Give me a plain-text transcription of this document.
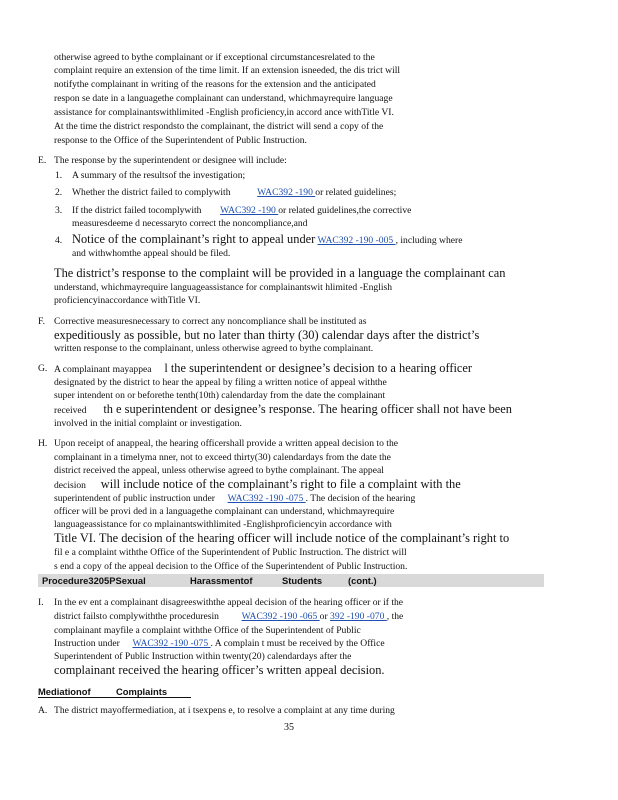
otherwise agreed to bythe complainant or if exceptional circumstancesrelated to the
complaint require an extension of the time limit. If an extension isneeded, the dis trict will
notifythe complainant in writing of the reasons for the extension and the anticipated
respon se date in a languagethe complainant can understand, whichmayrequire language
assistance for complainantswithlimited -English proficiency,in accord ance withTitle VI.
At the time the district respondsto the complainant, the district will send a copy of the
response to the Office of the Superintendent of Public Instruction.
E. The response by the superintendent or designee will include:
1. A summary of the resultsof the investigation;
2. Whether the district failed to complywith	WAC392 -190 or related guidelines;
3. If the district failed tocomplywith WAC392 -190 or related guidelines,the corrective
measuresdeeme d necessaryto correct the noncompliance,and
4. Notice of the complainant’s right to appeal under WAC392 -190 -005 , including where
and withwhomthe appeal should be filed.
The district’s response to the complaint will be provided in a language the complainant can
understand, whichmayrequire languageassistance for complainantswit hlimited -English
proficiencyinaccordance withTitle VI.
F. Corrective measuresnecessary to correct any noncompliance shall be instituted as
expeditiously as possible, but no later than thirty (30) calendar days after the district’s
written response to the complainant, unless otherwise agreed to bythe complainant.
G. A complainant mayappea l the superintendent or designee’s decision to a hearing officer
designated by the district to hear the appeal by filing a written notice of appeal withthe
super intendent on or beforethe tenth(10th) calendarday from the date the complainant
received th e superintendent or designee’s response. The hearing officer shall not have been
involved in the initial complaint or investigation.
H. Upon receipt of anappeal, the hearing officershall provide a written appeal decision to the
complainant in a timelyma nner, not to exceed thirty(30) calendardays from the date the
district received the appeal, unless otherwise agreed to bythe complainant. The appeal
decision will include notice of the complainant’s right to file a complaint with the
superintendent of public instruction under WAC392 -190 -075 . The decision of the hearing
officer will be provi ded in a languagethe complainant can understand, whichmayrequire
languageassistance for co mplainantswithlimited -Englishproficiencyin accordance with
Title VI. The decision of the hearing officer will include notice of the complainant’s right to
fil e a complaint withthe Office of the Superintendent of Public Instruction. The district will
s end a copy of the appeal decision to the Office of the Superintendent of Public Instruction.
Procedure3205PSexual	Harassmentof	Students	(cont.)
I. In the ev ent a complainant disagreeswiththe appeal decision of the hearing officer or if the
district failsto complywiththe proceduresin WAC392 -190 -065 or 392 -190 -070 , the
complainant mayfile a complaint withthe Office of the Superintendent of Public
Instruction under WAC392 -190 -075 . A complain t must be received by the Office
Superintendent of Public Instruction within twenty(20) calendardays after the
complainant received the hearing officer’s written appeal decision.
Mediationof	Complaints
A. The district mayoffermediation, at i tsexpens e, to resolve a complaint at any time during
35
